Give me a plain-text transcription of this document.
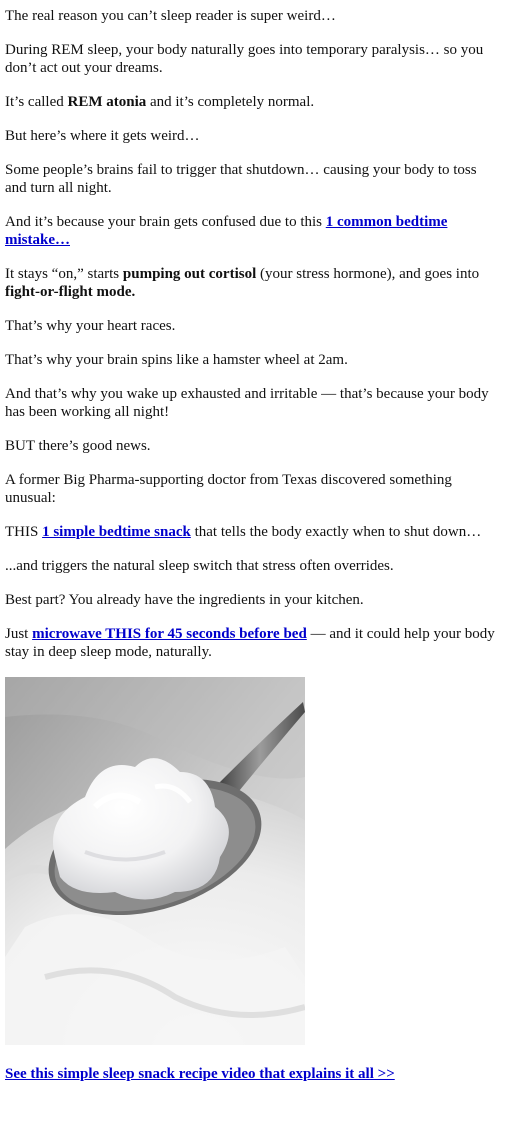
The real reason you can’t sleep reader is super weird…

During REM sleep, your body naturally goes into temporary paralysis… so you don’t act out your dreams.

It’s called REM atonia and it’s completely normal.

But here’s where it gets weird…

Some people’s brains fail to trigger that shutdown… causing your body to toss and turn all night.

And it’s because your brain gets confused due to this 1 common bedtime mistake…

It stays “on,” starts pumping out cortisol (your stress hormone), and goes into fight-or-flight mode.

That’s why your heart races.

That’s why your brain spins like a hamster wheel at 2am.

And that’s why you wake up exhausted and irritable — that’s because your body has been working all night!

BUT there’s good news.

A former Big Pharma-supporting doctor from Texas discovered something unusual:

THIS 1 simple bedtime snack that tells the body exactly when to shut down…

...and triggers the natural sleep switch that stress often overrides.

Best part? You already have the ingredients in your kitchen.

Just microwave THIS for 45 seconds before bed — and it could help your body stay in deep sleep mode, naturally.

See this simple sleep snack recipe video that explains it all >>
